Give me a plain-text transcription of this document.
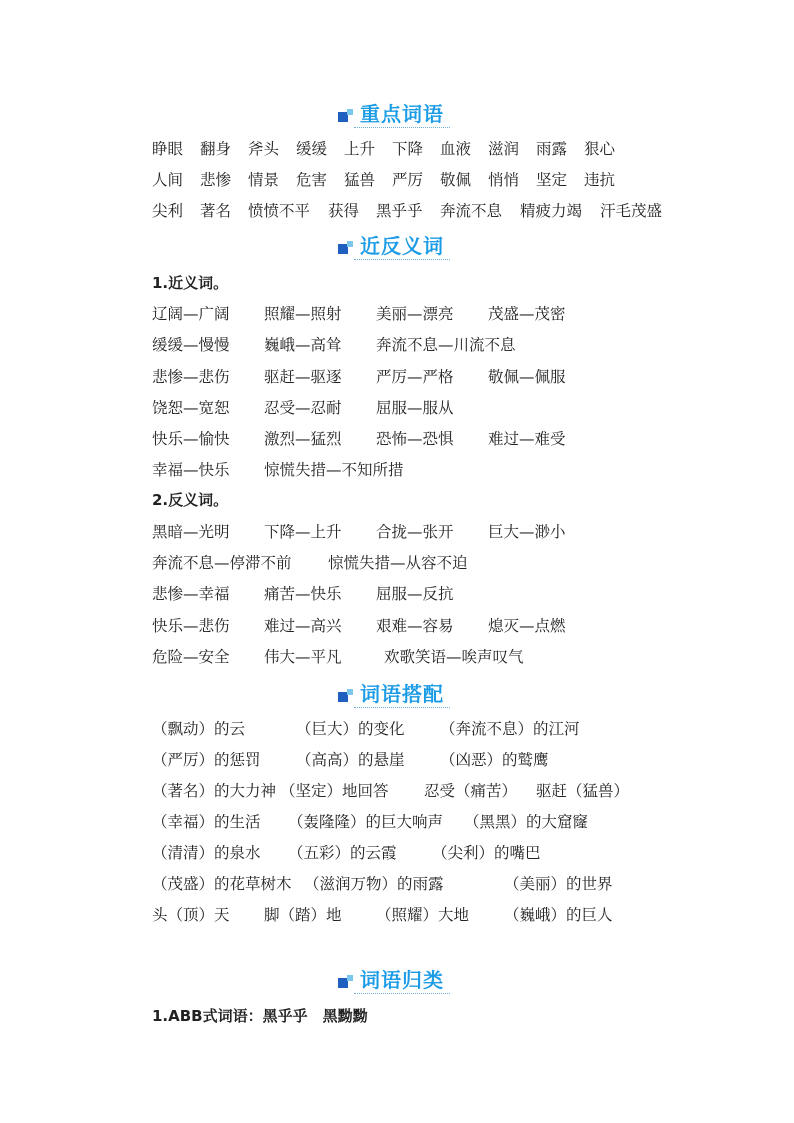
重点词语
睁眼 翻身 斧头 缓缓 上升 下降 血液 滋润 雨露 狠心
人间 悲惨 情景 危害 猛兽 严厉 敬佩 悄悄 坚定 违抗
尖利 著名 愤愤不平 获得 黑乎乎 奔流不息 精疲力竭 汗毛茂盛
近反义词
1.近义词。
辽阔—广阔 照耀—照射 美丽—漂亮 茂盛—茂密
缓缓—慢慢 巍峨—高耸 奔流不息—川流不息
悲惨—悲伤 驱赶—驱逐 严厉—严格 敬佩—佩服
饶恕—宽恕 忍受—忍耐 屈服—服从
快乐—愉快 激烈—猛烈 恐怖—恐惧 难过—难受
幸福—快乐 惊慌失措—不知所措
2.反义词。
黑暗—光明 下降—上升 合拢—张开 巨大—渺小
奔流不息—停滞不前 惊慌失措—从容不迫
悲惨—幸福 痛苦—快乐 屈服—反抗
快乐—悲伤 难过—高兴 艰难—容易 熄灭—点燃
危险—安全 伟大—平凡	欢歌笑语—唉声叹气
词语搭配
（飘动）的云	（巨大）的变化 （奔流不息）的江河
（严厉）的惩罚 （高高）的悬崖 （凶恶）的鹫鹰
（著名）的大力神 （坚定）地回答 忍受（痛苦） 驱赶（猛兽）
（幸福）的生活 （轰隆隆）的巨大响声 （黑黑）的大窟窿
（清清）的泉水 （五彩）的云霞 （尖利）的嘴巴
（茂盛）的花草树木 （滋润万物）的雨露	（美丽）的世界
头（顶）天 脚（踏）地 （照耀）大地 （巍峨）的巨人
词语归类
1.ABB式词语：黑乎乎　黑黝黝
